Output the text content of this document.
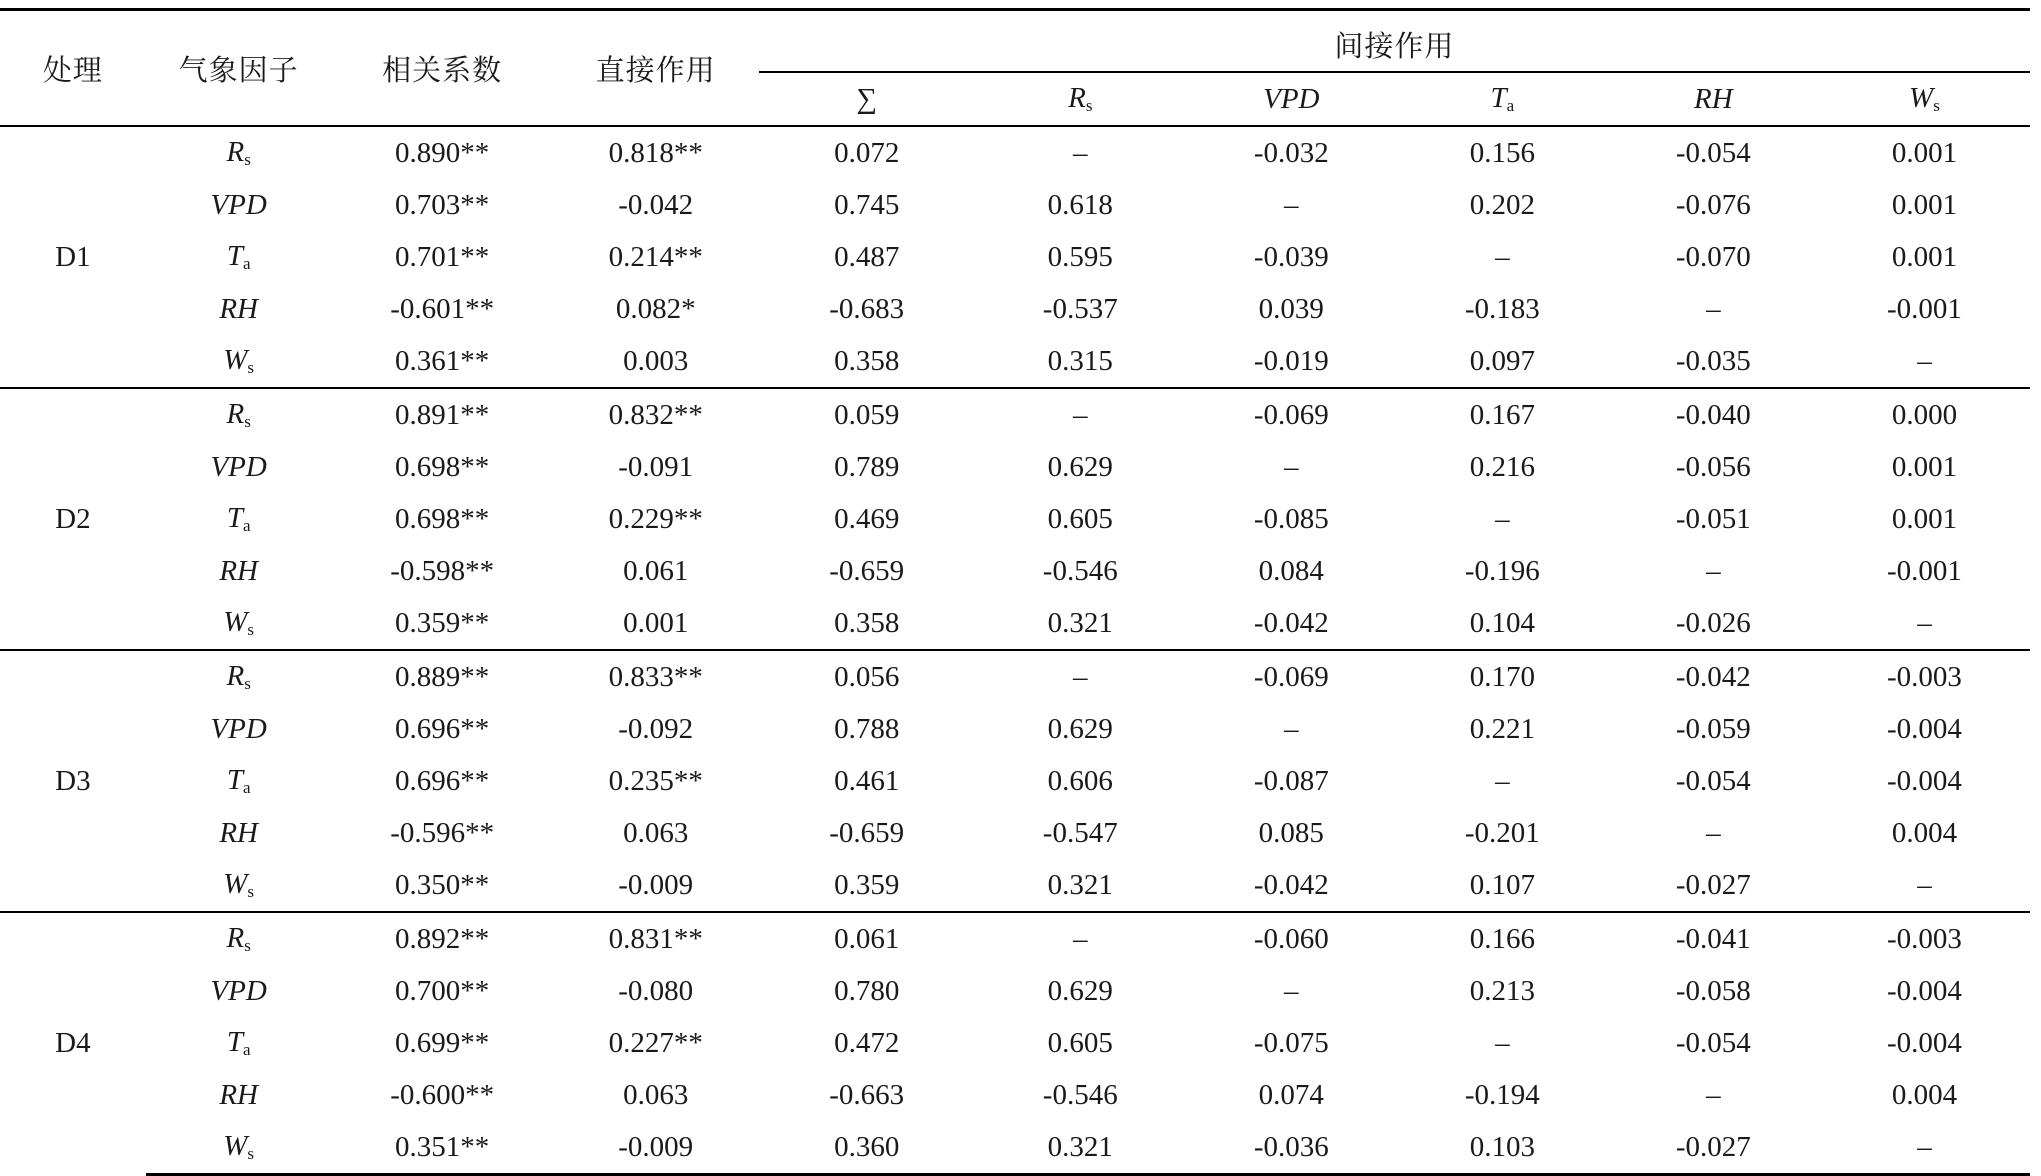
处理	气象因子	相关系数	直接作用	间接作用					
				∑	$R_s$	VPD	$T_a$	RH	$W_s$
D1	$R_s$	0.890**	0.818**	0.072	–	-0.032	0.156	-0.054	0.001
	VPD	0.703**	-0.042	0.745	0.618	–	0.202	-0.076	0.001
	$T_a$	0.701**	0.214**	0.487	0.595	-0.039	–	-0.070	0.001
	RH	-0.601**	0.082*	-0.683	-0.537	0.039	-0.183	–	-0.001
	$W_s$	0.361**	0.003	0.358	0.315	-0.019	0.097	-0.035	–
D2	$R_s$	0.891**	0.832**	0.059	–	-0.069	0.167	-0.040	0.000
	VPD	0.698**	-0.091	0.789	0.629	–	0.216	-0.056	0.001
	$T_a$	0.698**	0.229**	0.469	0.605	-0.085	–	-0.051	0.001
	RH	-0.598**	0.061	-0.659	-0.546	0.084	-0.196	–	-0.001
	$W_s$	0.359**	0.001	0.358	0.321	-0.042	0.104	-0.026	–
D3	$R_s$	0.889**	0.833**	0.056	–	-0.069	0.170	-0.042	-0.003
	VPD	0.696**	-0.092	0.788	0.629	–	0.221	-0.059	-0.004
	$T_a$	0.696**	0.235**	0.461	0.606	-0.087	–	-0.054	-0.004
	RH	-0.596**	0.063	-0.659	-0.547	0.085	-0.201	–	0.004
	$W_s$	0.350**	-0.009	0.359	0.321	-0.042	0.107	-0.027	–
D4	$R_s$	0.892**	0.831**	0.061	–	-0.060	0.166	-0.041	-0.003
	VPD	0.700**	-0.080	0.780	0.629	–	0.213	-0.058	-0.004
	$T_a$	0.699**	0.227**	0.472	0.605	-0.075	–	-0.054	-0.004
	RH	-0.600**	0.063	-0.663	-0.546	0.074	-0.194	–	0.004
	$W_s$	0.351**	-0.009	0.360	0.321	-0.036	0.103	-0.027	–
